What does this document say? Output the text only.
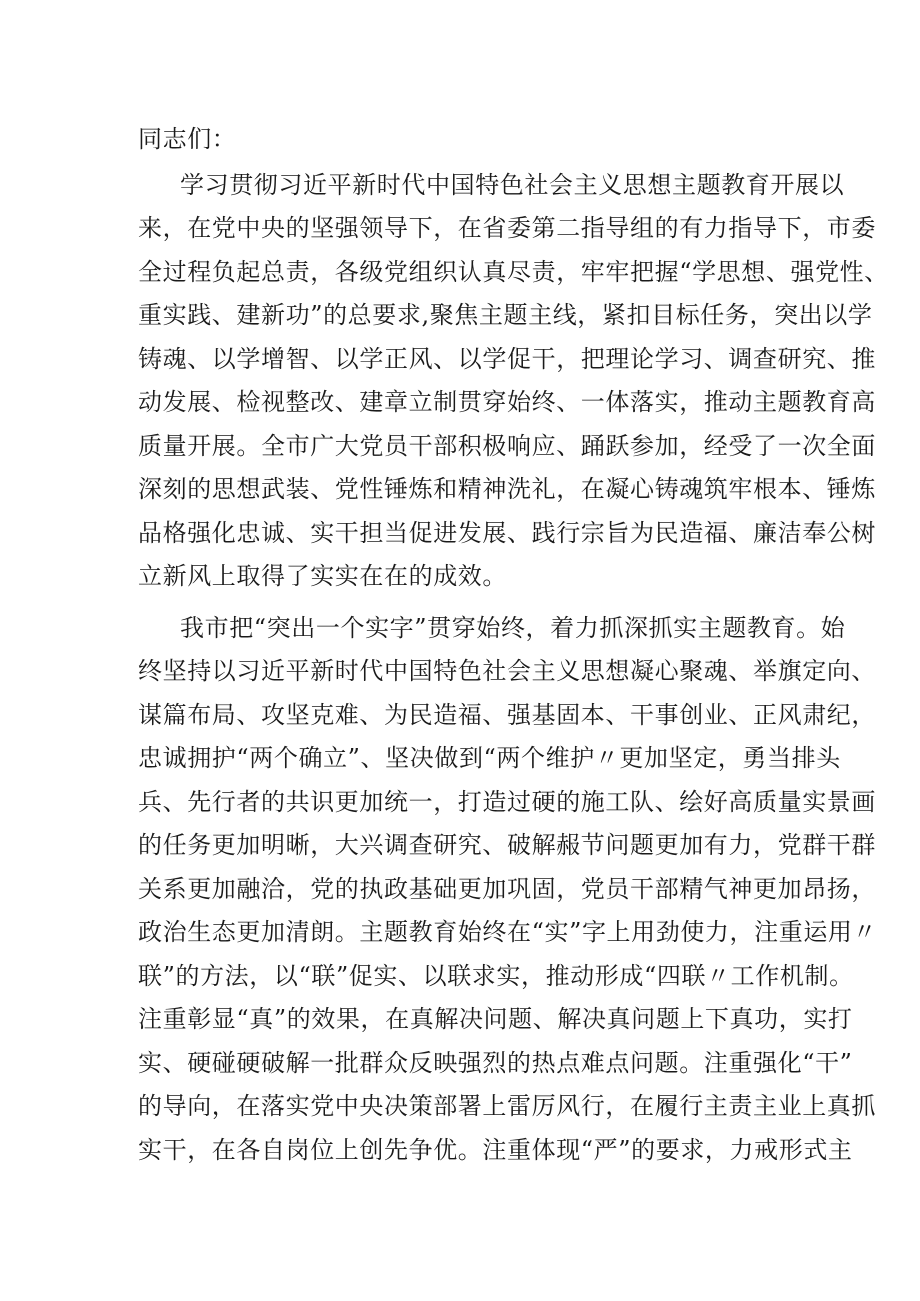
同志们：
学习贯彻习近平新时代中国特色社会主义思想主题教育开展以
来，在党中央的坚强领导下，在省委第二指导组的有力指导下，市委
全过程负起总责，各级党组织认真尽责，牢牢把握“学思想、强党性、
重实践、建新功”的总要求,聚焦主题主线，紧扣目标任务，突出以学
铸魂、以学增智、以学正风、以学促干，把理论学习、调查研究、推
动发展、检视整改、建章立制贯穿始终、一体落实，推动主题教育高
质量开展。全市广大党员干部积极响应、踊跃参加，经受了一次全面
深刻的思想武装、党性锤炼和精神洗礼，在凝心铸魂筑牢根本、锤炼
品格强化忠诚、实干担当促进发展、践行宗旨为民造福、廉洁奉公树
立新风上取得了实实在在的成效。
我市把“突出一个实字”贯穿始终，着力抓深抓实主题教育。始
终坚持以习近平新时代中国特色社会主义思想凝心聚魂、举旗定向、
谋篇布局、攻坚克难、为民造福、强基固本、干事创业、正风肃纪，
忠诚拥护“两个确立”、坚决做到“两个维护〃更加坚定，勇当排头
兵、先行者的共识更加统一，打造过硬的施工队、绘好高质量实景画
的任务更加明晰，大兴调查研究、破解赧节问题更加有力，党群干群
关系更加融洽，党的执政基础更加巩固，党员干部精气神更加昂扬，
政治生态更加清朗。主题教育始终在“实”字上用劲使力，注重运用〃
联”的方法，以“联”促实、以联求实，推动形成“四联〃工作机制。
注重彰显“真”的效果，在真解决问题、解决真问题上下真功，实打
实、硬碰硬破解一批群众反映强烈的热点难点问题。注重强化“干”
的导向，在落实党中央决策部署上雷厉风行，在履行主责主业上真抓
实干，在各自岗位上创先争优。注重体现“严”的要求，力戒形式主
